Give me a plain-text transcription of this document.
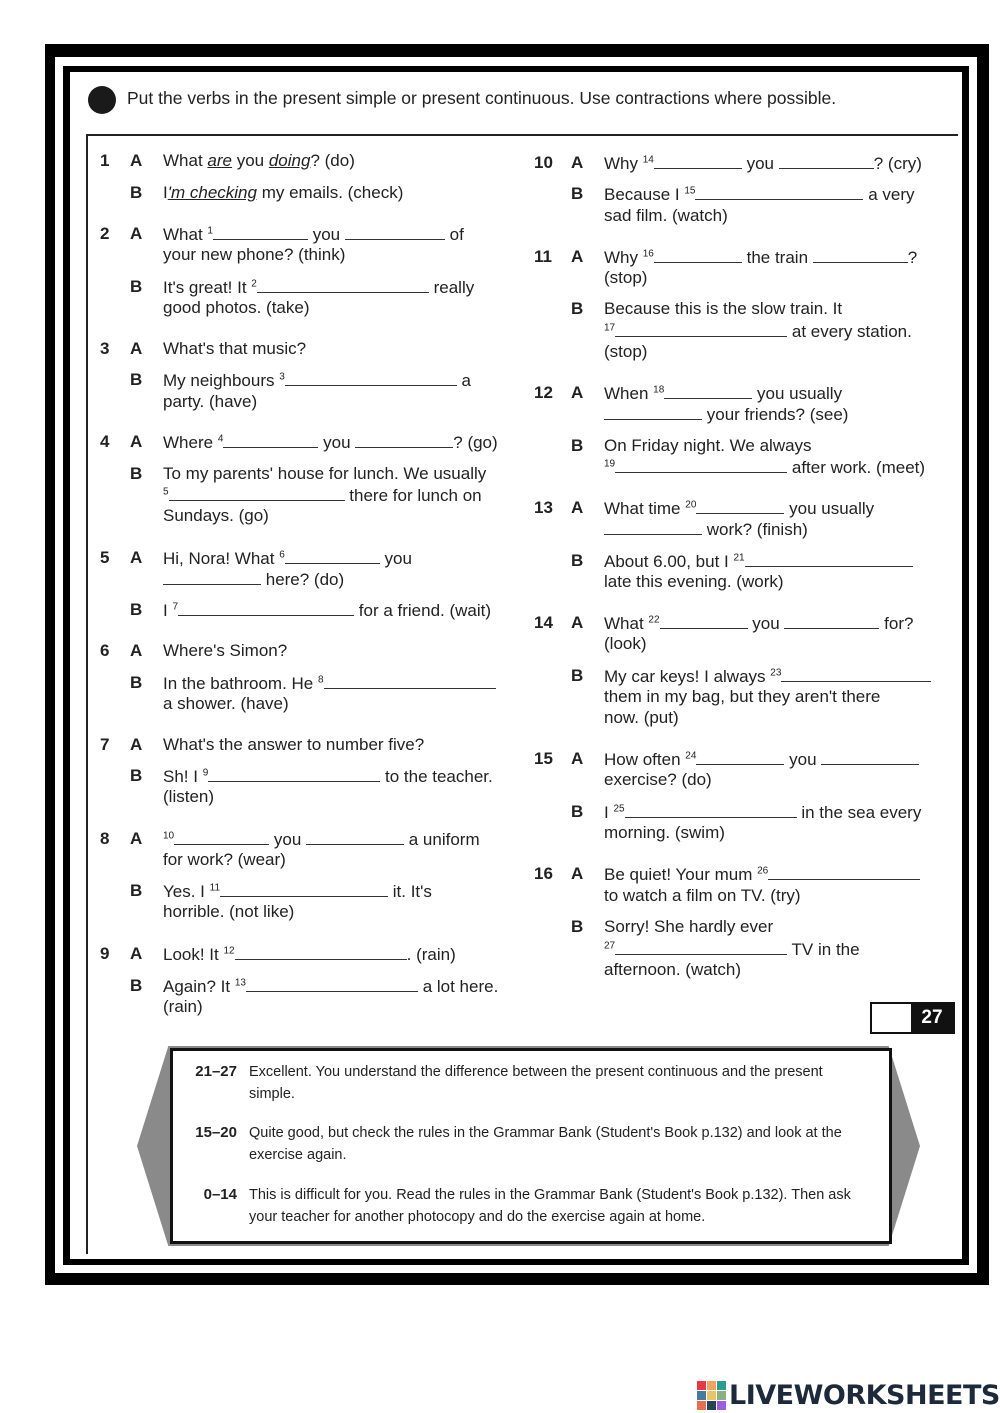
Put the verbs in the present simple or present continuous. Use contractions where possible.
1 A What are you doing? (do)
B I'm checking my emails. (check)
2 A What $^1$	you	of
your new phone? (think)
B It's great! It $^2$	really
good photos. (take)
3 A What's that music?
B My neighbours $^3$	a
party. (have)
4 A Where $^4$	you	? (go)
B To my parents' house for lunch. We usually
$^5$	there for lunch on
Sundays. (go)
5 A Hi, Nora! What $^6$	you
here? (do)
B I $^7$	for a friend. (wait)
6 A Where's Simon?
B In the bathroom. He $^8$
a shower. (have)
7 A What's the answer to number five?
B Sh! I $^9$	to the teacher.
(listen)
8 A $^{10}$	you	a uniform
for work? (wear)
B Yes. I $^{11}$	it. It's
horrible. (not like)
9 A Look! It $^{12}$	. (rain)
B Again? It $^{13}$	a lot here.
(rain)
10 A Why $^{14}$	you	? (cry)
B Because I $^{15}$	a very
sad film. (watch)
11 A Why $^{16}$	the train	?
(stop)
B Because this is the slow train. It
$^{17}$	at every station.
(stop)
12 A When $^{18}$	you usually
your friends? (see)
B On Friday night. We always
$^{19}$	after work. (meet)
13 A What time $^{20}$	you usually
work? (finish)
B About 6.00, but I $^{21}$
late this evening. (work)
14 A What $^{22}$	you	for?
(look)
B My car keys! I always $^{23}$
them in my bag, but they aren't there
now. (put)
15 A How often $^{24}$	you
exercise? (do)
B I $^{25}$	in the sea every
morning. (swim)
16 A Be quiet! Your mum $^{26}$
to watch a film on TV. (try)
B Sorry! She hardly ever
$^{27}$	TV in the
afternoon. (watch)
27
21–27 Excellent. You understand the difference between the present continuous and the present simple.
15–20 Quite good, but check the rules in the Grammar Bank (Student's Book p.132) and look at the exercise again.
0–14 This is difficult for you. Read the rules in the Grammar Bank (Student's Book p.132). Then ask your teacher for another photocopy and do the exercise again at home.
LIVEWORKSHEETS
